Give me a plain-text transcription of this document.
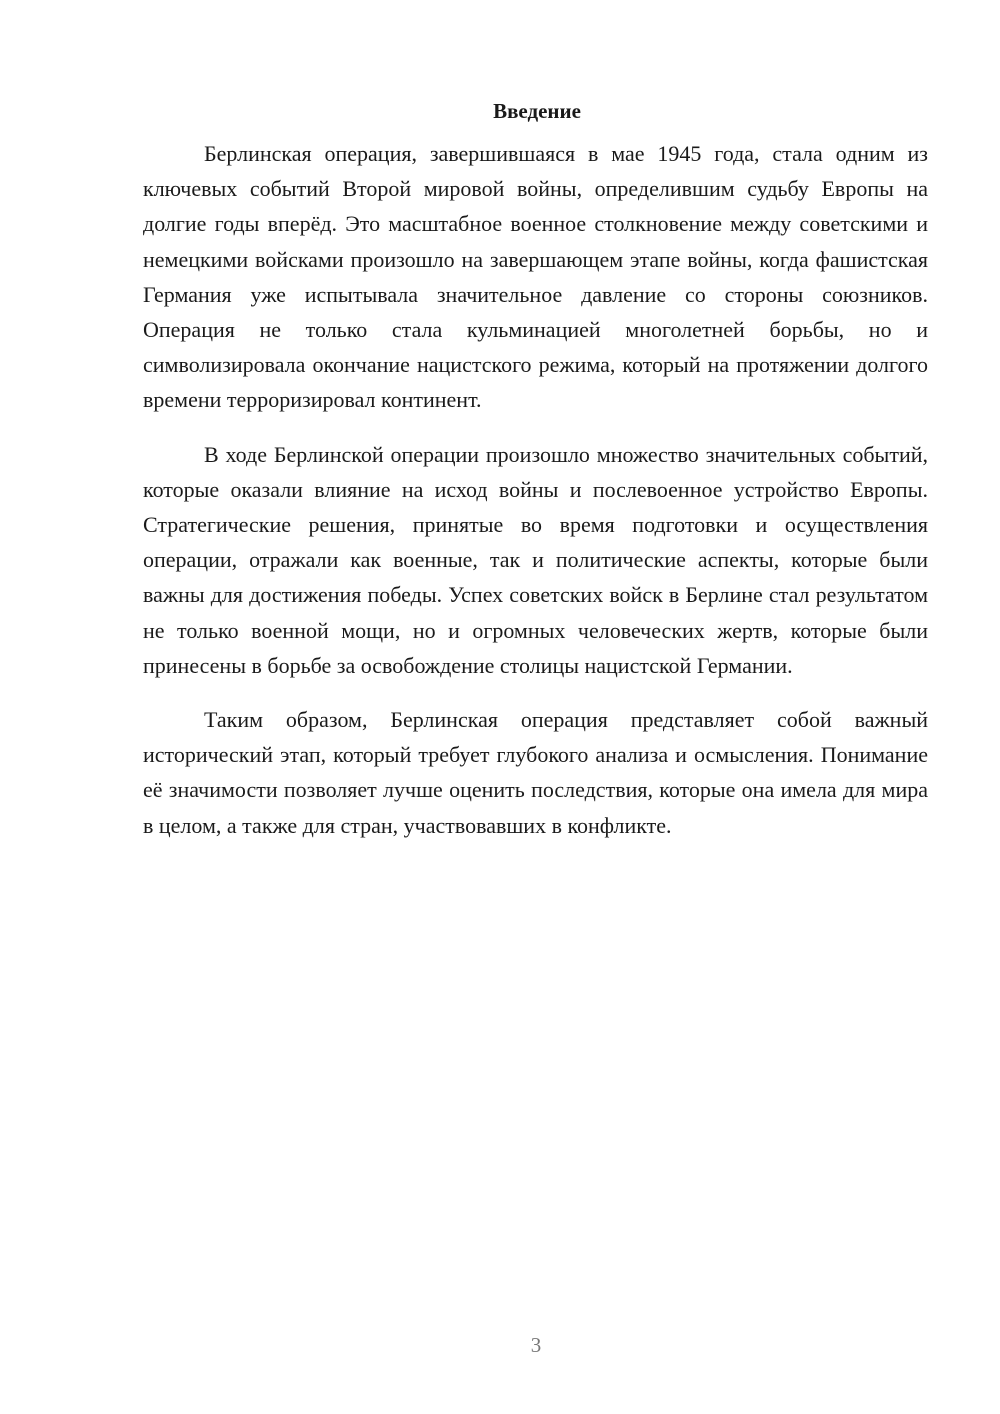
Введение

Берлинская операция, завершившаяся в мае 1945 года, стала одним из ключевых событий Второй мировой войны, определившим судьбу Европы на долгие годы вперёд. Это масштабное военное столкновение между советскими и немецкими войсками произошло на завершающем этапе войны, когда фашистская Германия уже испытывала значительное давление со стороны союзников. Операция не только стала кульминацией многолетней борьбы, но и символизировала окончание нацистского режима, который на протяжении долгого времени терроризировал континент.

В ходе Берлинской операции произошло множество значительных событий, которые оказали влияние на исход войны и послевоенное устройство Европы. Стратегические решения, принятые во время подготовки и осуществления операции, отражали как военные, так и политические аспекты, которые были важны для достижения победы. Успех советских войск в Берлине стал результатом не только военной мощи, но и огромных человеческих жертв, которые были принесены в борьбе за освобождение столицы нацистской Германии.

Таким образом, Берлинская операция представляет собой важный исторический этап, который требует глубокого анализа и осмысления. Понимание её значимости позволяет лучше оценить последствия, которые она имела для мира в целом, а также для стран, участвовавших в конфликте.

3
